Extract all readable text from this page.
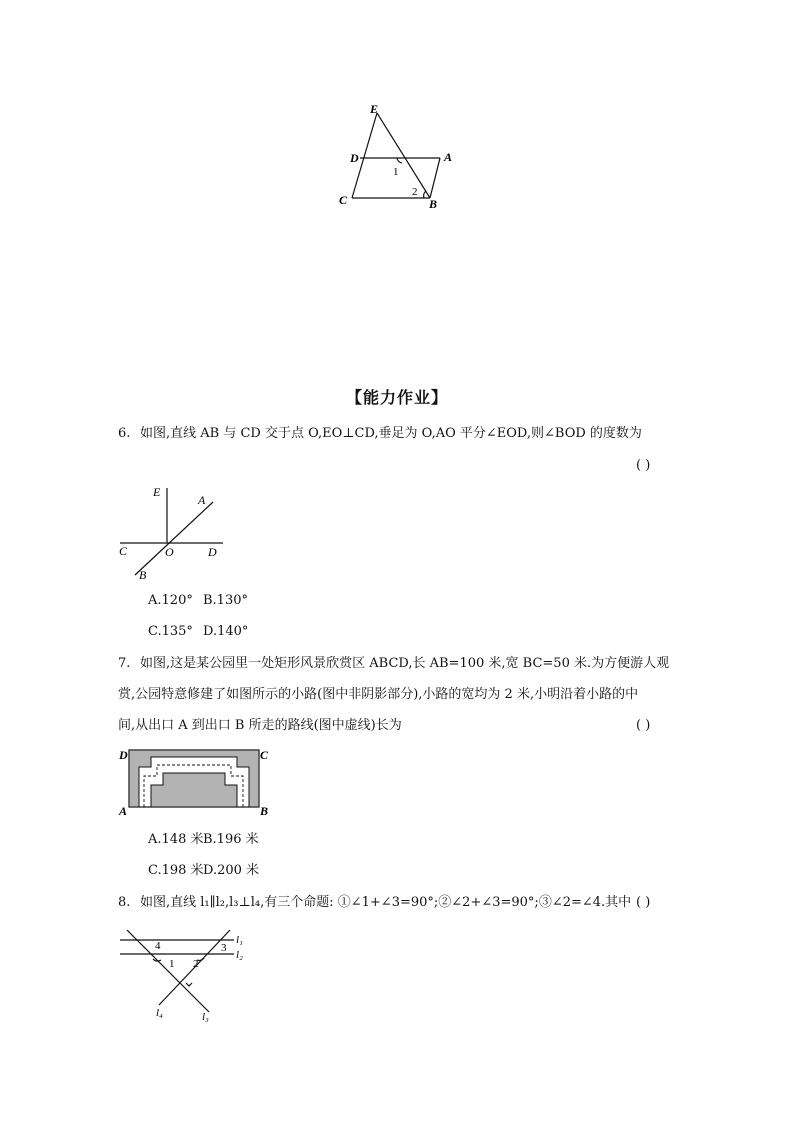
E
D	A
C	B
1
2
【能力作业】
6. 如图,直线 AB 与 CD 交于点 O,EO⊥CD,垂足为 O,AO 平分∠EOD,则∠BOD 的度数为
( )
E
A
C	O	D
B
A.120° B.130°
C.135° D.140°
7. 如图,这是某公园里一处矩形风景欣赏区 ABCD,长 AB=100 米,宽 BC=50 米.为方便游人观
赏,公园特意修建了如图所示的小路(图中非阴影部分),小路的宽均为 2 米,小明沿着小路的中
间,从出口 A 到出口 B 所走的路线(图中虚线)长为	( )
D	C
A	B
A.148 米 B.196 米
C.198 米 D.200 米
8. 如图,直线 l₁∥l₂,l₃⊥l₄,有三个命题: ①∠1+∠3=90°;②∠2+∠3=90°;③∠2=∠4.其中 ( )
4	3
1 2
l₁
l₂
l₄	l₃
